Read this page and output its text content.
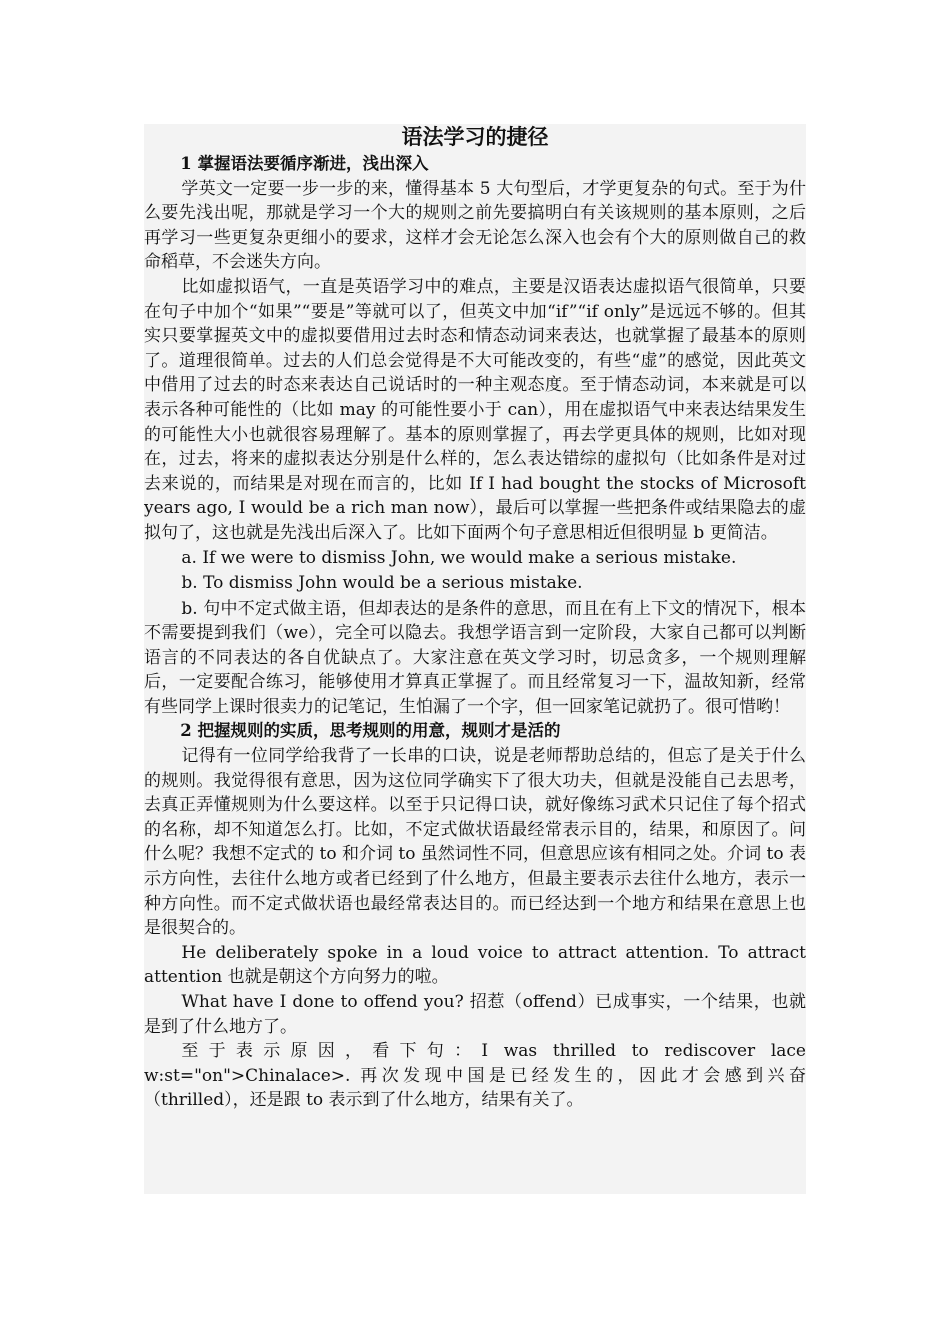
语法学习的捷径

1 掌握语法要循序渐进，浅出深入

学英文一定要一步一步的来，懂得基本 5 大句型后，才学更复杂的句式。至于为什么要先浅出呢，那就是学习一个大的规则之前先要搞明白有关该规则的基本原则，之后再学习一些更复杂更细小的要求，这样才会无论怎么深入也会有个大的原则做自己的救命稻草，不会迷失方向。

比如虚拟语气，一直是英语学习中的难点，主要是汉语表达虚拟语气很简单，只要在句子中加个“如果”“要是”等就可以了，但英文中加“if”“if only”是远远不够的。但其实只要掌握英文中的虚拟要借用过去时态和情态动词来表达，也就掌握了最基本的原则了。道理很简单。过去的人们总会觉得是不大可能改变的，有些“虚”的感觉，因此英文中借用了过去的时态来表达自己说话时的一种主观态度。至于情态动词，本来就是可以表示各种可能性的（比如 may 的可能性要小于 can），用在虚拟语气中来表达结果发生的可能性大小也就很容易理解了。基本的原则掌握了，再去学更具体的规则，比如对现在，过去，将来的虚拟表达分别是什么样的，怎么表达错综的虚拟句（比如条件是对过去来说的，而结果是对现在而言的，比如 If I had bought the stocks of Microsoft years ago, I would be a rich man now），最后可以掌握一些把条件或结果隐去的虚拟句了，这也就是先浅出后深入了。比如下面两个句子意思相近但很明显 b 更简洁。

a. If we were to dismiss John, we would make a serious mistake.

b. To dismiss John would be a serious mistake.

b. 句中不定式做主语，但却表达的是条件的意思，而且在有上下文的情况下，根本不需要提到我们（we），完全可以隐去。我想学语言到一定阶段，大家自己都可以判断语言的不同表达的各自优缺点了。大家注意在英文学习时，切忌贪多，一个规则理解后，一定要配合练习，能够使用才算真正掌握了。而且经常复习一下，温故知新，经常有些同学上课时很卖力的记笔记，生怕漏了一个字，但一回家笔记就扔了。很可惜哟！

2 把握规则的实质，思考规则的用意，规则才是活的

记得有一位同学给我背了一长串的口诀，说是老师帮助总结的，但忘了是关于什么的规则。我觉得很有意思，因为这位同学确实下了很大功夫，但就是没能自己去思考，去真正弄懂规则为什么要这样。以至于只记得口诀，就好像练习武术只记住了每个招式的名称，却不知道怎么打。比如，不定式做状语最经常表示目的，结果，和原因了。问什么呢？我想不定式的 to 和介词 to 虽然词性不同，但意思应该有相同之处。介词 to 表示方向性，去往什么地方或者已经到了什么地方，但最主要表示去往什么地方，表示一种方向性。而不定式做状语也最经常表达目的。而已经达到一个地方和结果在意思上也是很契合的。

He deliberately spoke in a loud voice to attract attention. To attract attention 也就是朝这个方向努力的啦。

What have I done to offend you? 招惹（offend）已成事实，一个结果，也就是到了什么地方了。

至于表示原因，看下句：I was thrilled to rediscover lace w:st="on">Chinalace>. 再次发现中国是已经发生的，因此才会感到兴奋（thrilled），还是跟 to 表示到了什么地方，结果有关了。
